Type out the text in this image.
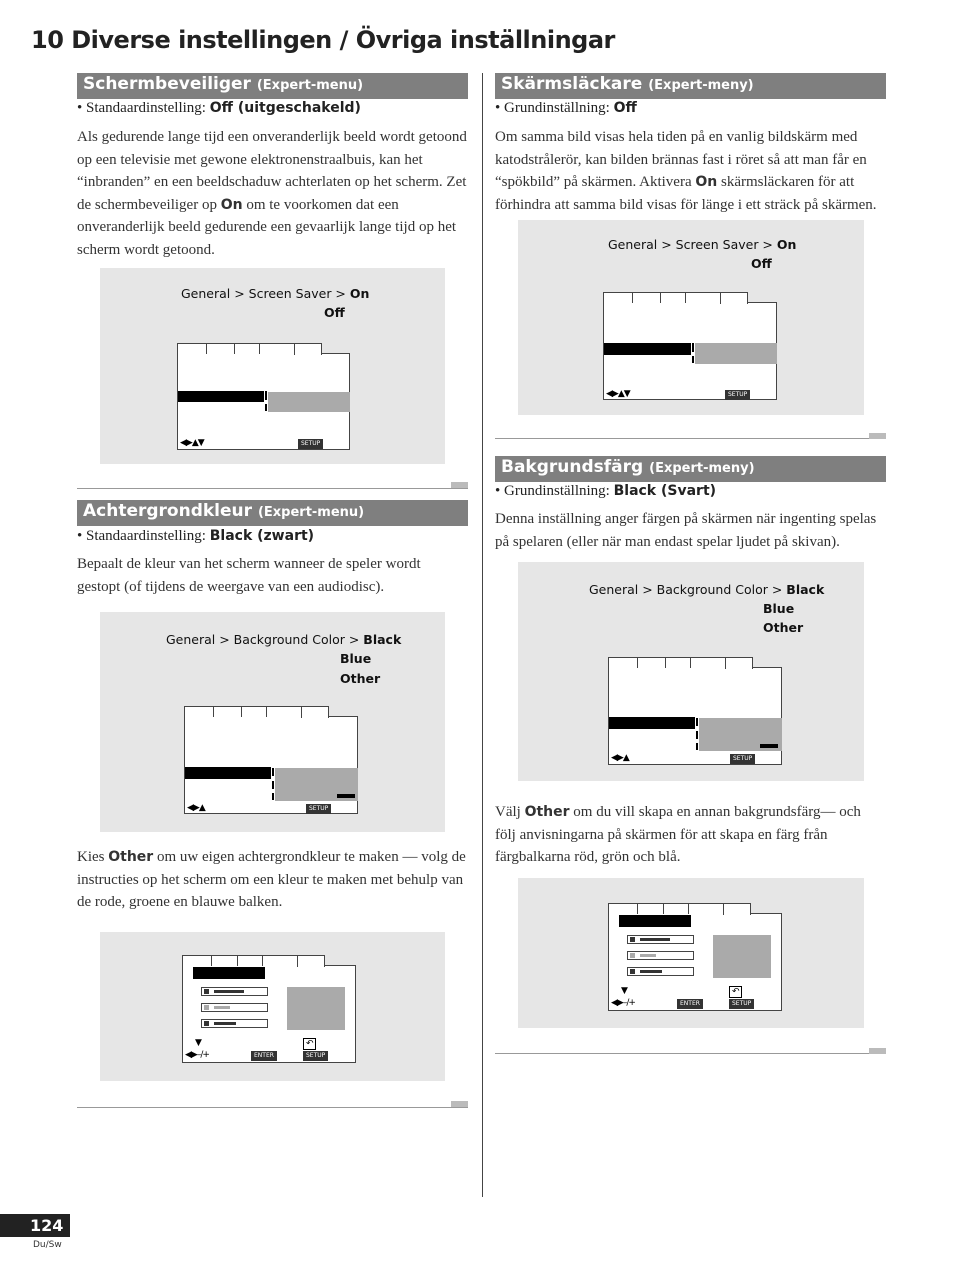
10 Diverse instellingen / Övriga inställningar
Schermbeveiliger (Expert-menu)
• Standaardinstelling: Off (uitgeschakeld)
Als gedurende lange tijd een onveranderlijk beeld wordt getoond op een televisie met gewone elektronenstraalbuis, kan het “inbranden” en een beeldschaduw achterlaten op het scherm. Zet de schermbeveiliger op On om te voorkomen dat een onveranderlijk beeld gedurende een gevaarlijk lange tijd op het scherm wordt getoond.
General > Screen Saver > On
Off
◀▶▲▼	SETUP
Achtergrondkleur (Expert-menu)
• Standaardinstelling: Black (zwart)
Bepaalt de kleur van het scherm wanneer de speler wordt gestopt (of tijdens de weergave van een audiodisc).
General > Background Color > Black
Blue
Other
◀▶▲	SETUP
Kies Other om uw eigen achtergrondkleur te maken — volg de instructies op het scherm om een kleur te maken met behulp van de rode, groene en blauwe balken.
▼	↶
◀▶–/+	ENTER	SETUP
Skärmsläckare (Expert-meny)
• Grundinställning: Off
Om samma bild visas hela tiden på en vanlig bildskärm med katodstrålerör, kan bilden brännas fast i röret så att man får en “spökbild” på skärmen. Aktivera On skärmsläckaren för att förhindra att samma bild visas för länge i ett sträck på skärmen.
General > Screen Saver > On
Off
◀▶▲▼	SETUP
Bakgrundsfärg (Expert-meny)
• Grundinställning: Black (Svart)
Denna inställning anger färgen på skärmen när ingenting spelas på spelaren (eller när man endast spelar ljudet på skivan).
General > Background Color > Black
Blue
Other
◀▶▲	SETUP
Välj Other om du vill skapa en annan bakgrundsfärg— och följ anvisningarna på skärmen för att skapa en färg från färgbalkarna röd, grön och blå.
▼	↶
◀▶–/+	ENTER	SETUP
124
Du/Sw
